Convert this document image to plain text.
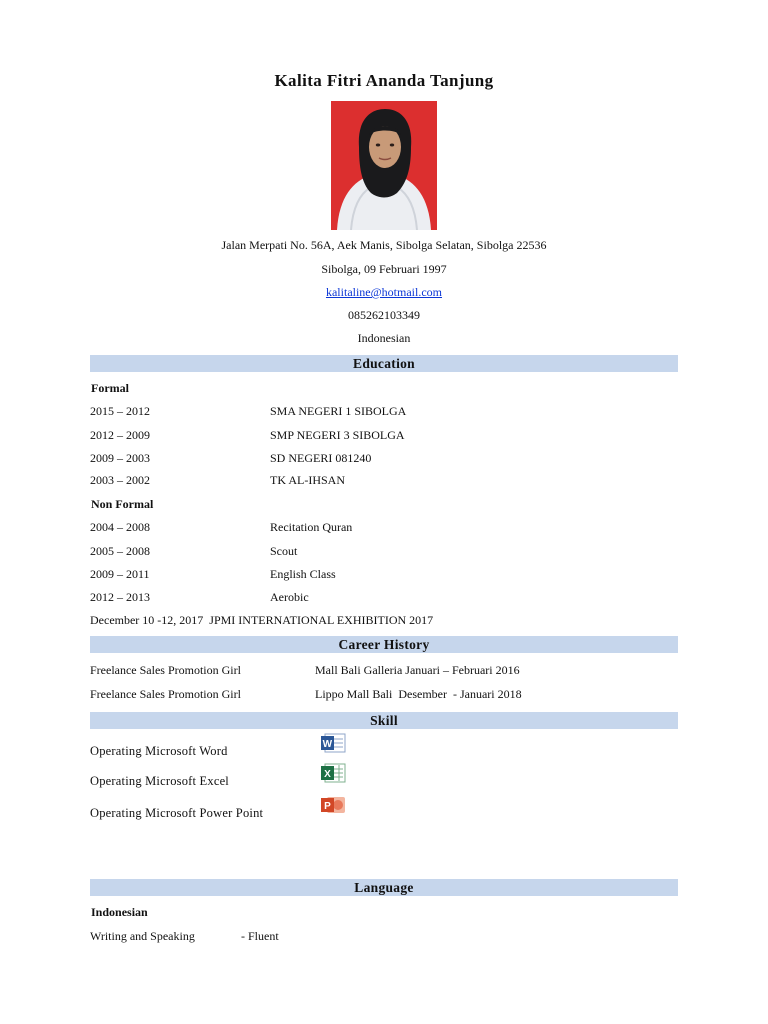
Kalita Fitri Ananda Tanjung
Jalan Merpati No. 56A, Aek Manis, Sibolga Selatan, Sibolga 22536
Sibolga, 09 Februari 1997
kalitaline@hotmail.com
085262103349
Indonesian
Education
Formal
2015 – 2012	SMA NEGERI 1 SIBOLGA
2012 – 2009	SMP NEGERI 3 SIBOLGA
2009 – 2003	SD NEGERI 081240
2003 – 2002	TK AL-IHSAN
Non Formal
2004 – 2008	Recitation Quran
2005 – 2008	Scout
2009 – 2011	English Class
2012 – 2013	Aerobic
December 10 -12, 2017  JPMI INTERNATIONAL EXHIBITION 2017
Career History
Freelance Sales Promotion Girl	Mall Bali Galleria Januari – Februari 2016
Freelance Sales Promotion Girl	Lippo Mall Bali  Desember  - Januari 2018
Skill
Operating Microsoft Word	W
Operating Microsoft Excel	X
Operating Microsoft Power Point	P
Language
Indonesian
Writing and Speaking	- Fluent
